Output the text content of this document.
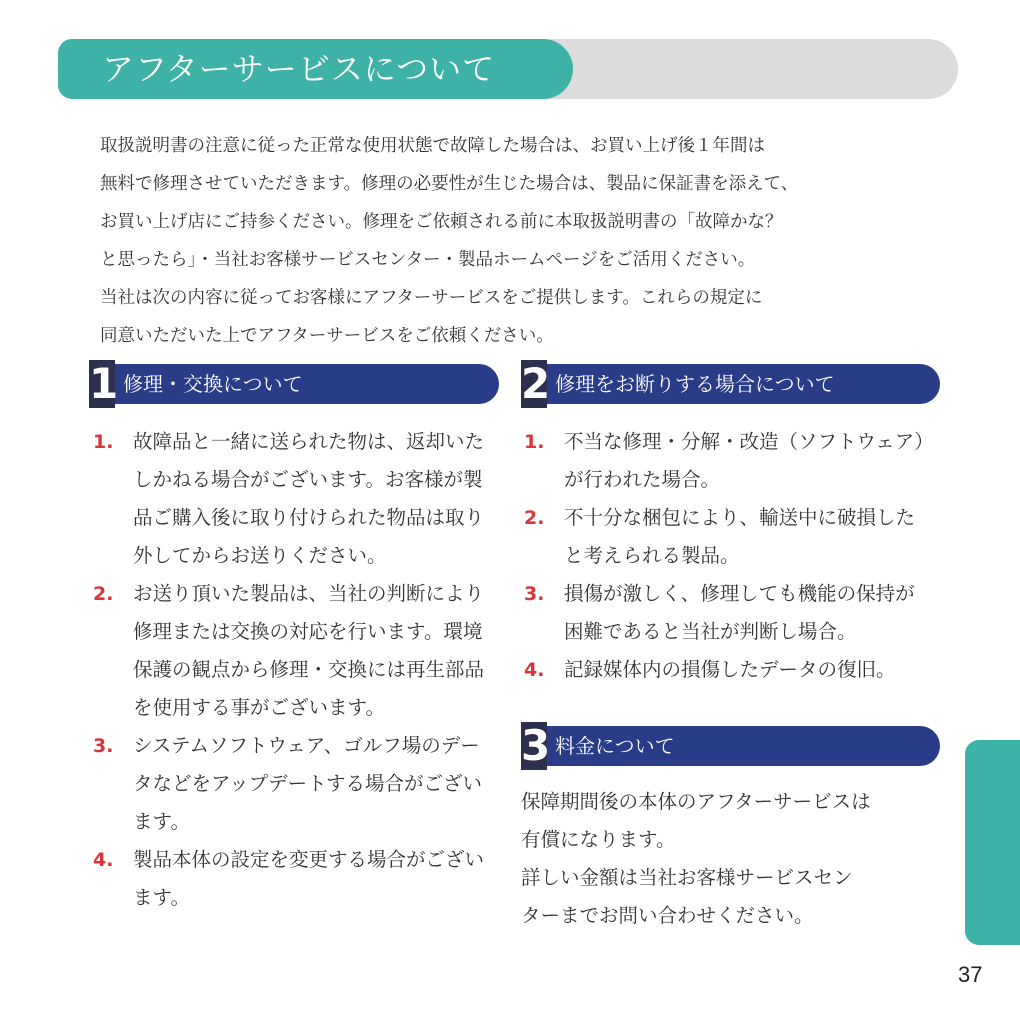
アフターサービスについて

取扱説明書の注意に従った正常な使用状態で故障した場合は、お買い上げ後１年間は

無料で修理させていただきます。修理の必要性が生じた場合は、製品に保証書を添えて、

お買い上げ店にご持参ください。修理をご依頼される前に本取扱説明書の「故障かな？

と思ったら」・当社お客様サービスセンター・製品ホームページをご活用ください。

当社は次の内容に従ってお客様にアフターサービスをご提供します。これらの規定に

同意いただいた上でアフターサービスをご依頼ください。

1 修理・交換について
1. 故障品と一緒に送られた物は、返却いたしかねる場合がございます。お客様が製品ご購入後に取り付けられた物品は取り外してからお送りください。
2. お送り頂いた製品は、当社の判断により修理または交換の対応を行います。環境保護の観点から修理・交換には再生部品を使用する事がございます。
3. システムソフトウェア、ゴルフ場のデータなどをアップデートする場合がございます。
4. 製品本体の設定を変更する場合がございます。
2 修理をお断りする場合について
1. 不当な修理・分解・改造（ソフトウェア）が行われた場合。
2. 不十分な梱包により、輸送中に破損したと考えられる製品。
3. 損傷が激しく、修理しても機能の保持が困難であると当社が判断し場合。
4. 記録媒体内の損傷したデータの復旧。
3 料金について

保障期間後の本体のアフターサービスは

有償になります。

詳しい金額は当社お客様サービスセン

ターまでお問い合わせください。

37
